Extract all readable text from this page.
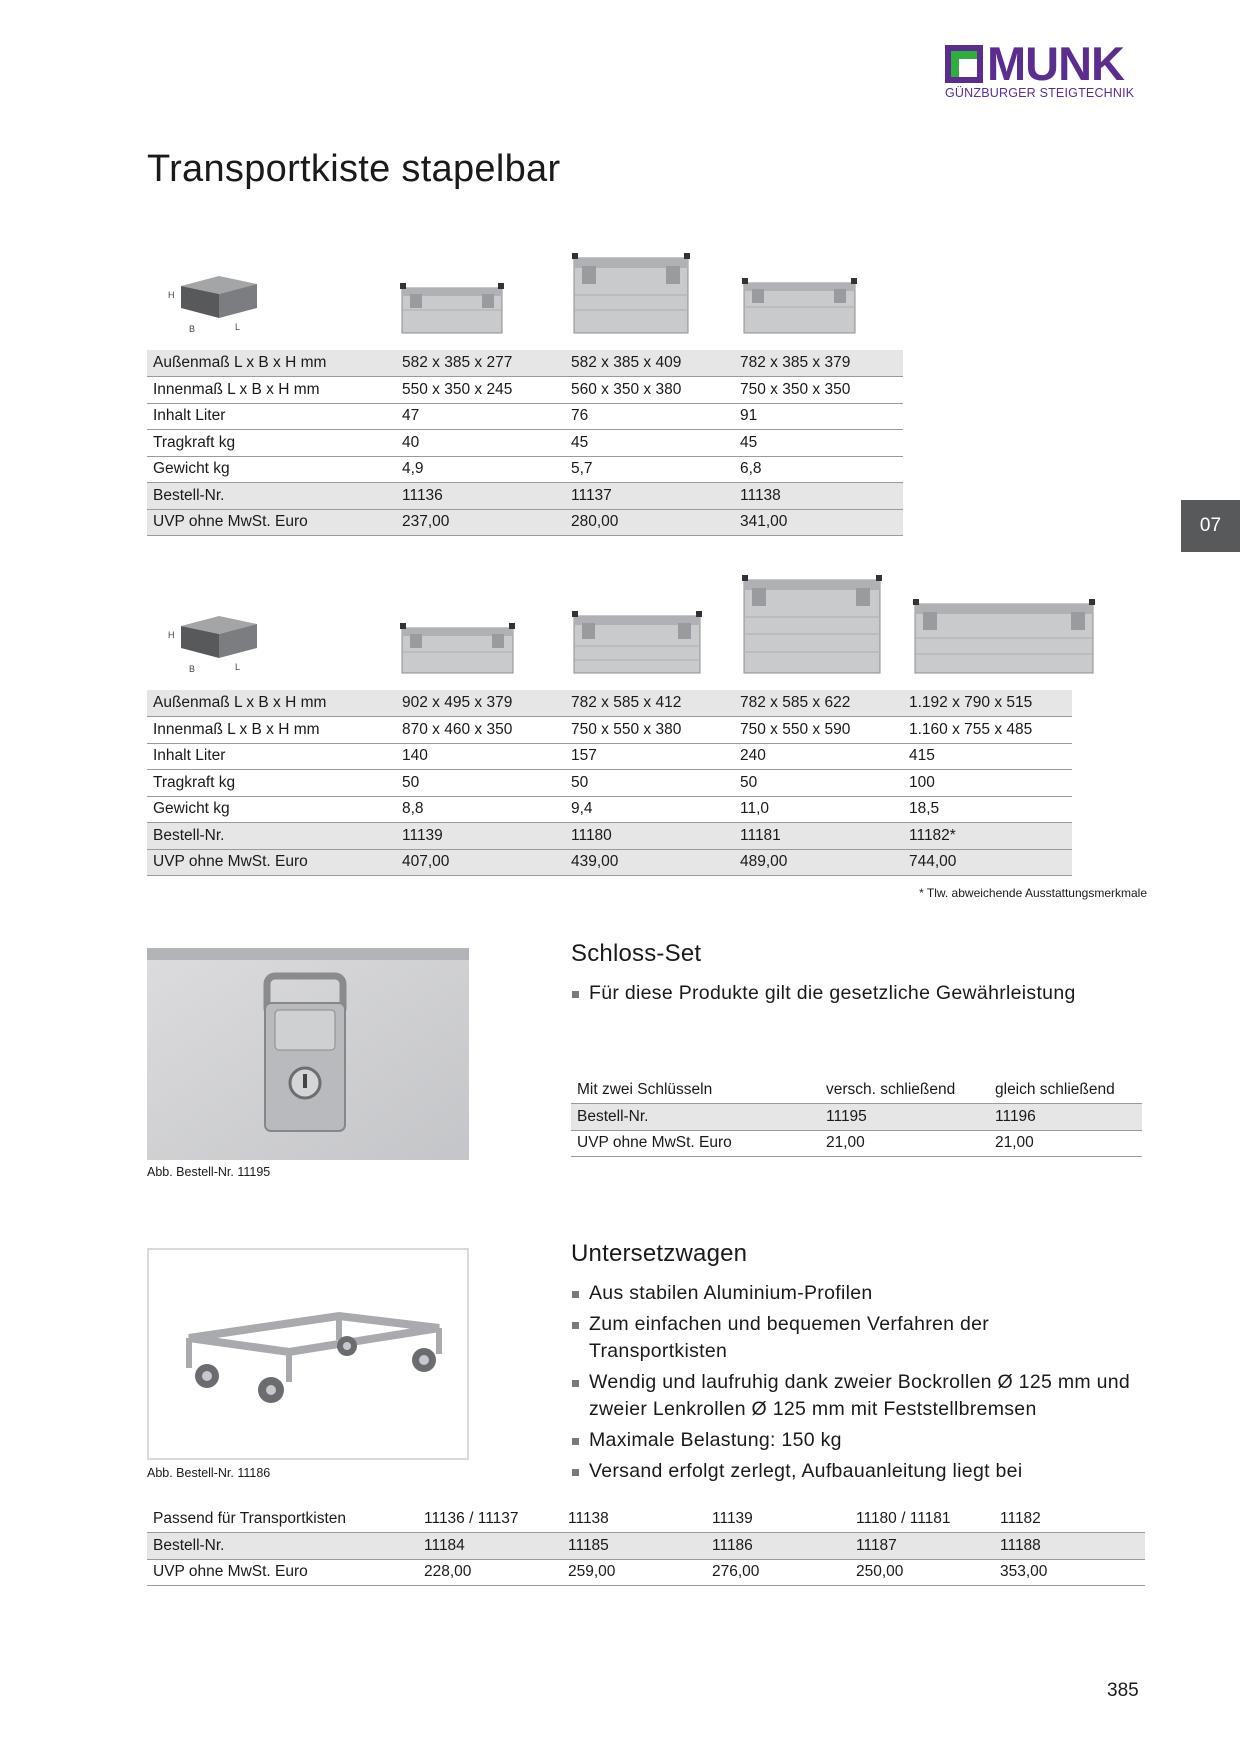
MUNK
GÜNZBURGER STEIGTECHNIK
Transportkiste stapelbar
07
H
B	L
Außenmaß L x B x H mm	582 x 385 x 277	582 x 385 x 409	782 x 385 x 379
Innenmaß L x B x H mm	550 x 350 x 245	560 x 350 x 380	750 x 350 x 350
Inhalt Liter	47	76	91
Tragkraft kg	40	45	45
Gewicht kg	4,9	5,7	6,8
Bestell-Nr.	11136	11137	11138
UVP ohne MwSt. Euro	237,00	280,00	341,00
H
B	L
Außenmaß L x B x H mm	902 x 495 x 379	782 x 585 x 412	782 x 585 x 622	1.192 x 790 x 515
Innenmaß L x B x H mm	870 x 460 x 350	750 x 550 x 380	750 x 550 x 590	1.160 x 755 x 485
Inhalt Liter	140	157	240	415
Tragkraft kg	50	50	50	100
Gewicht kg	8,8	9,4	11,0	18,5
Bestell-Nr.	11139	11180	11181	11182*
UVP ohne MwSt. Euro	407,00	439,00	489,00	744,00
* Tlw. abweichende Ausstattungsmerkmale
Abb. Bestell-Nr. 11195
Schloss-Set
Für diese Produkte gilt die gesetzliche Gewährleistung
Mit zwei Schlüsseln	versch. schließend	gleich schließend
Bestell-Nr.	11195	11196
UVP ohne MwSt. Euro	21,00	21,00
Abb. Bestell-Nr. 11186
Untersetzwagen
Aus stabilen Aluminium-Profilen
Zum einfachen und bequemen Verfahren der Transportkisten
Wendig und laufruhig dank zweier Bockrollen Ø 125 mm und zweier Lenkrollen Ø 125 mm mit Feststellbremsen
Maximale Belastung: 150 kg
Versand erfolgt zerlegt, Aufbauanleitung liegt bei
Passend für Transportkisten	11136 / 11137	11138	11139	11180 / 11181	11182
Bestell-Nr.	11184	11185	11186	11187	11188
UVP ohne MwSt. Euro	228,00	259,00	276,00	250,00	353,00
385
